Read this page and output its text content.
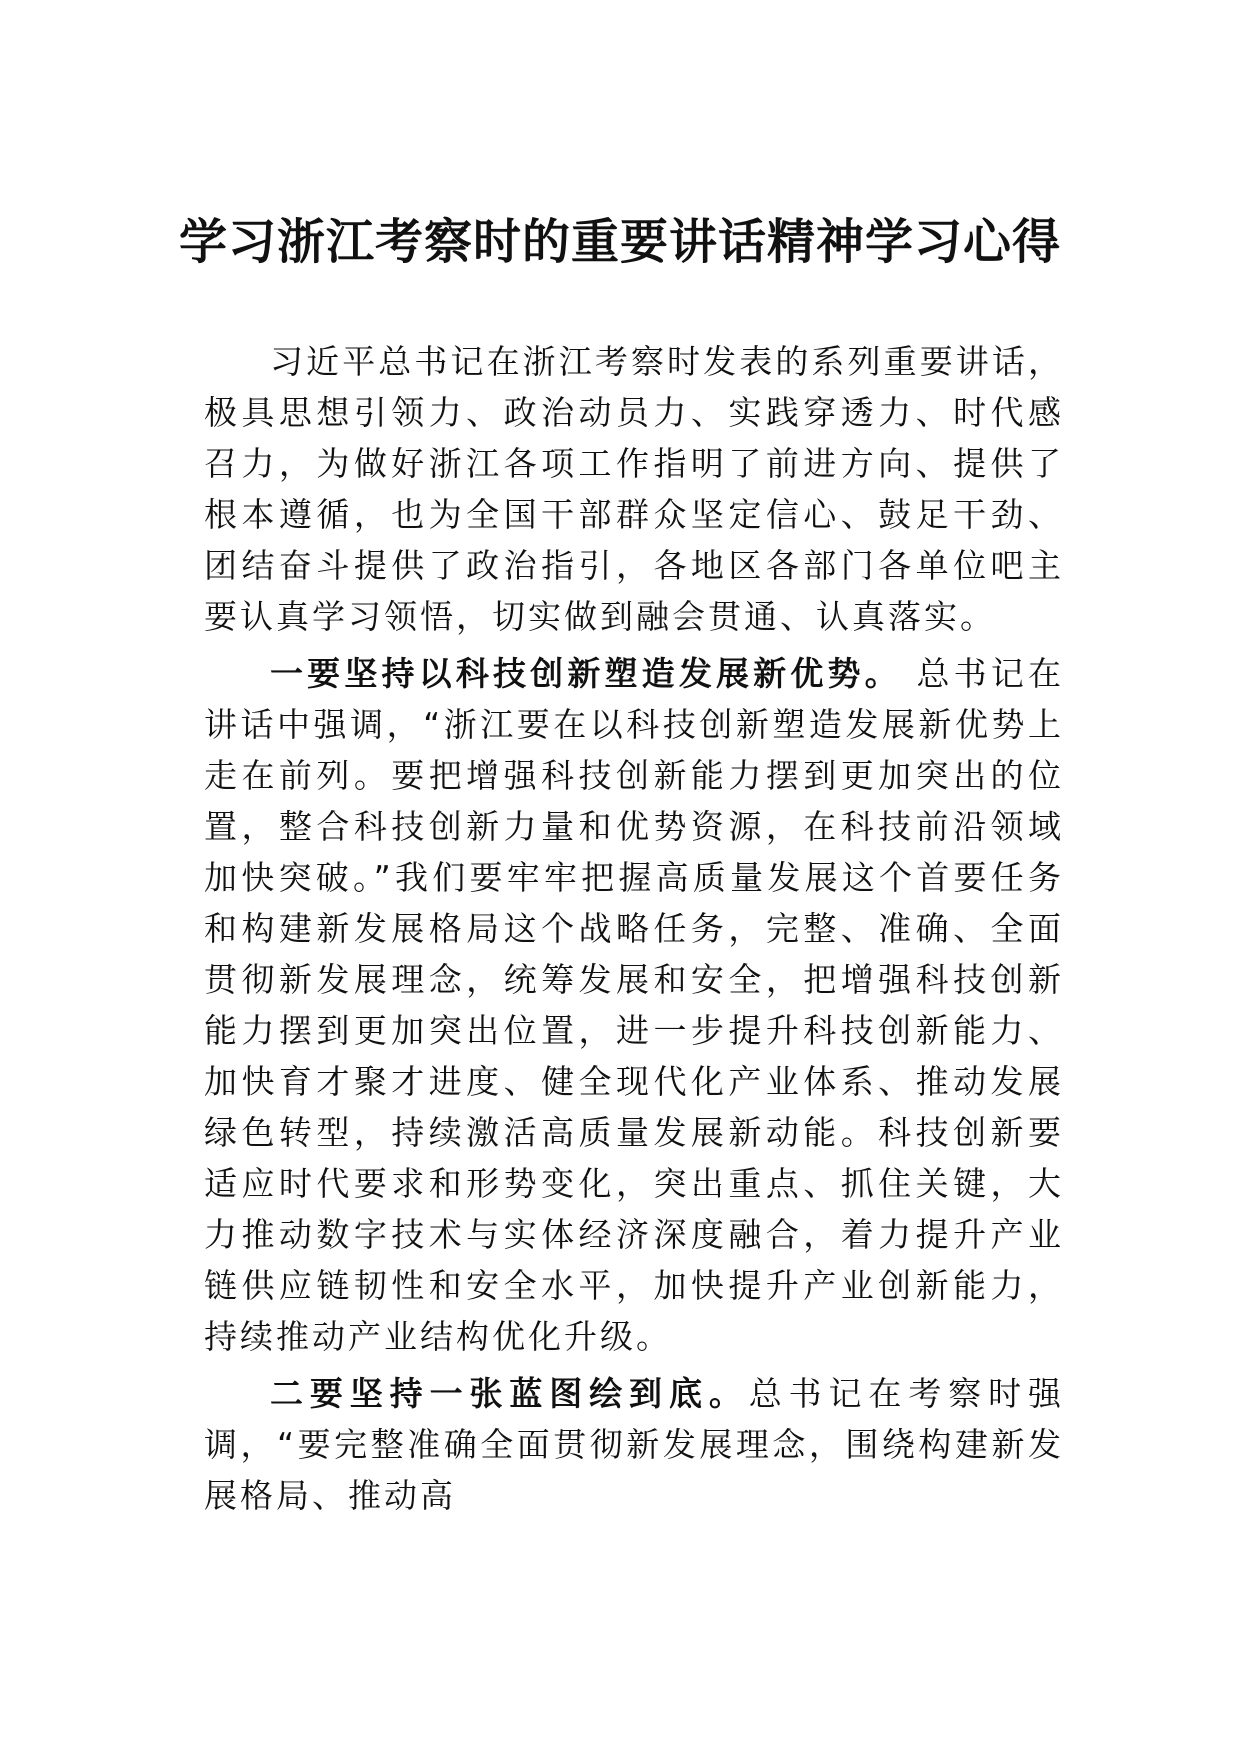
学习浙江考察时的重要讲话精神学习心得

习近平总书记在浙江考察时发表的系列重要讲话，极具思想引领力、政治动员力、实践穿透力、时代感召力，为做好浙江各项工作指明了前进方向、提供了根本遵循，也为全国干部群众坚定信心、鼓足干劲、团结奋斗提供了政治指引，各地区各部门各单位吧主要认真学习领悟，切实做到融会贯通、认真落实。

一要坚持以科技创新塑造发展新优势。 总书记在讲话中强调，“浙江要在以科技创新塑造发展新优势上走在前列。要把增强科技创新能力摆到更加突出的位置，整合科技创新力量和优势资源，在科技前沿领域加快突破。”我们要牢牢把握高质量发展这个首要任务和构建新发展格局这个战略任务，完整、准确、全面贯彻新发展理念，统筹发展和安全，把增强科技创新能力摆到更加突出位置，进一步提升科技创新能力、加快育才聚才进度、健全现代化产业体系、推动发展绿色转型，持续激活高质量发展新动能。科技创新要适应时代要求和形势变化，突出重点、抓住关键，大力推动数字技术与实体经济深度融合，着力提升产业链供应链韧性和安全水平，加快提升产业创新能力，持续推动产业结构优化升级。

二要坚持一张蓝图绘到底。总书记在考察时强调，“要完整准确全面贯彻新发展理念，围绕构建新发展格局、推动高
